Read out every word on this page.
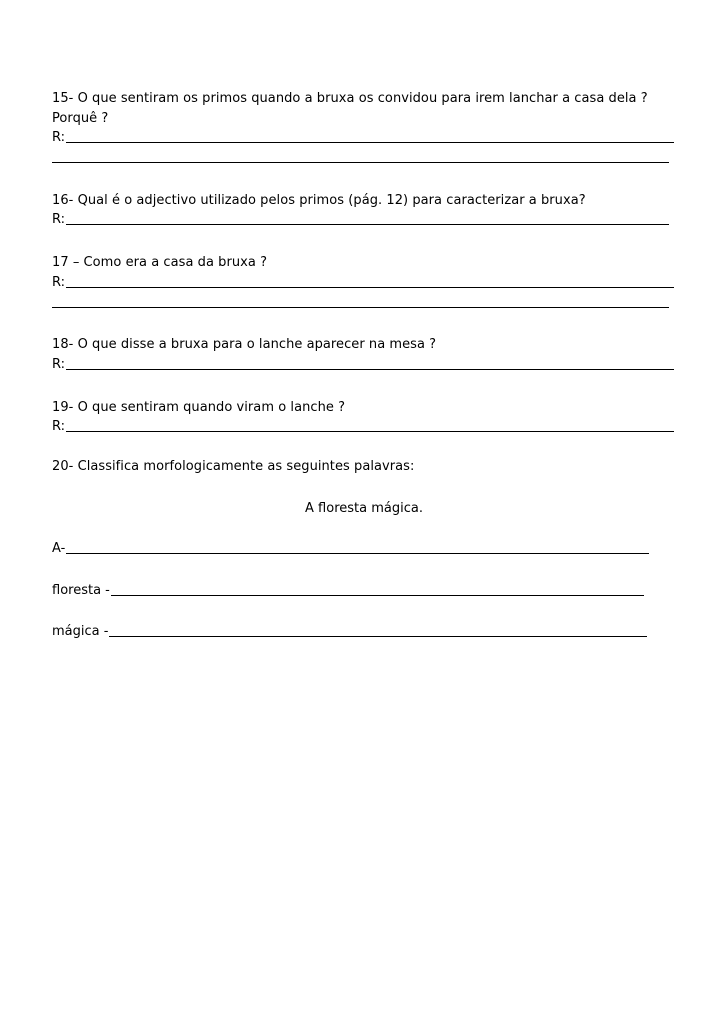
15- O que sentiram os primos quando a bruxa os convidou para irem lanchar a casa dela ?
Porquê ?
R:
16- Qual é o adjectivo utilizado pelos primos (pág. 12) para caracterizar a bruxa?
R:
17 – Como era a casa da bruxa ?
R:
18- O que disse a bruxa para o lanche aparecer na mesa ?
R:
19- O que sentiram quando viram o lanche ?
R:
20- Classifica morfologicamente as seguintes palavras:
A floresta mágica.
A-
floresta -
mágica -
